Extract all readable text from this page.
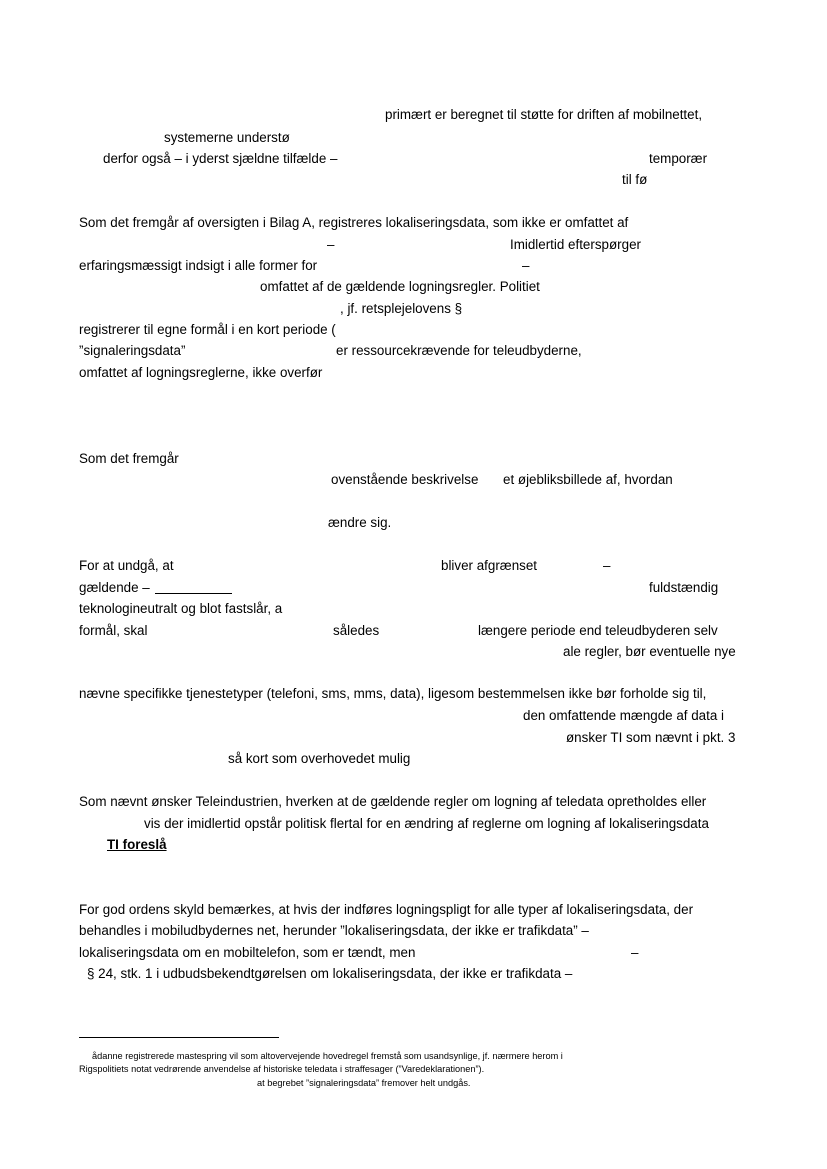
primært er beregnet til støtte for driften af mobilnettet,
systemerne understø
derfor også – i yderst sjældne tilfælde –	temporær
til fø
Som det fremgår af oversigten i Bilag A, registreres lokaliseringsdata, som ikke er omfattet af
–	Imidlertid efterspørger
erfaringsmæssigt indsigt i alle former for	–
omfattet af de gældende logningsregler. Politiet
, jf. retsplejelovens §
registrerer til egne formål i en kort periode (
”signaleringsdata”	er ressourcekrævende for teleudbyderne,
omfattet af logningsreglerne, ikke overfør
Som det fremgår
ovenstående beskrivelse et øjebliksbillede af, hvordan
ændre sig.
For at undgå, at	bliver afgrænset	–
gældende –	fuldstændig
teknologineutralt og blot fastslår, a
formål, skal	således	længere periode end teleudbyderen selv
ale regler, bør eventuelle nye
nævne specifikke tjenestetyper (telefoni, sms, mms, data), ligesom bestemmelsen ikke bør forholde sig til,
den omfattende mængde af data i
ønsker TI som nævnt i pkt. 3
så kort som overhovedet mulig
Som nævnt ønsker Teleindustrien, hverken at de gældende regler om logning af teledata opretholdes eller
vis der imidlertid opstår politisk flertal for en ændring af reglerne om logning af lokaliseringsdata
For god ordens skyld bemærkes, at hvis der indføres logningspligt for alle typer af lokaliseringsdata, der
behandles i mobiludbydernes net, herunder ”lokaliseringsdata, der ikke er trafikdata” –
lokaliseringsdata om en mobiltelefon, som er tændt, men	–
§ 24, stk. 1 i udbudsbekendtgørelsen om lokaliseringsdata, der ikke er trafikdata –
TI foreslå
ådanne registrerede mastespring vil som altovervejende hovedregel fremstå som usandsynlige, jf. nærmere herom i
Rigspolitiets notat vedrørende anvendelse af historiske teledata i straffesager (”Varedeklarationen”).
at begrebet ”signaleringsdata” fremover helt undgås.
